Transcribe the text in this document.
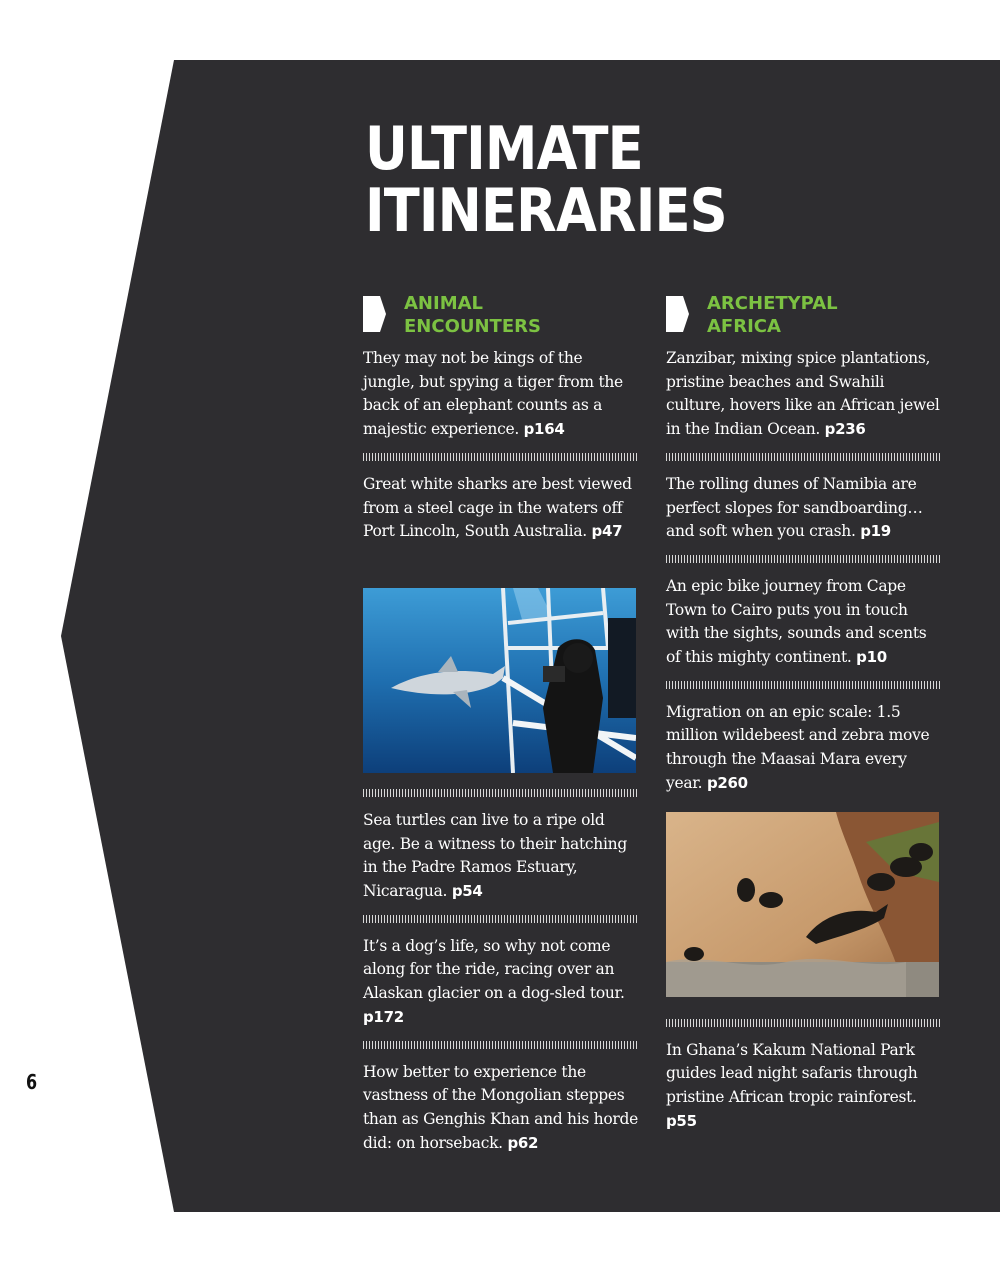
ULTIMATE
ITINERARIES
ANIMAL
ENCOUNTERS

They may not be kings of the jungle, but spying a tiger from the back of an elephant counts as a majestic experience. p164

Great white sharks are best viewed from a steel cage in the waters off Port Lincoln, South Australia. p47

Sea turtles can live to a ripe old age. Be a witness to their hatching in the Padre Ramos Estuary, Nicaragua. p54

It’s a dog’s life, so why not come along for the ride, racing over an Alaskan glacier on a dog-sled tour. p172

How better to experience the vastness of the Mongolian steppes than as Genghis Khan and his horde did: on horseback. p62

ARCHETYPAL
AFRICA

Zanzibar, mixing spice plantations, pristine beaches and Swahili culture, hovers like an African jewel in the Indian Ocean. p236

The rolling dunes of Namibia are perfect slopes for sandboarding… and soft when you crash. p19

An epic bike journey from Cape Town to Cairo puts you in touch with the sights, sounds and scents of this mighty continent. p10

Migration on an epic scale: 1.5 million wildebeest and zebra move through the Maasai Mara every year. p260

In Ghana’s Kakum National Park guides lead night safaris through pristine African tropic rainforest. p55

6
